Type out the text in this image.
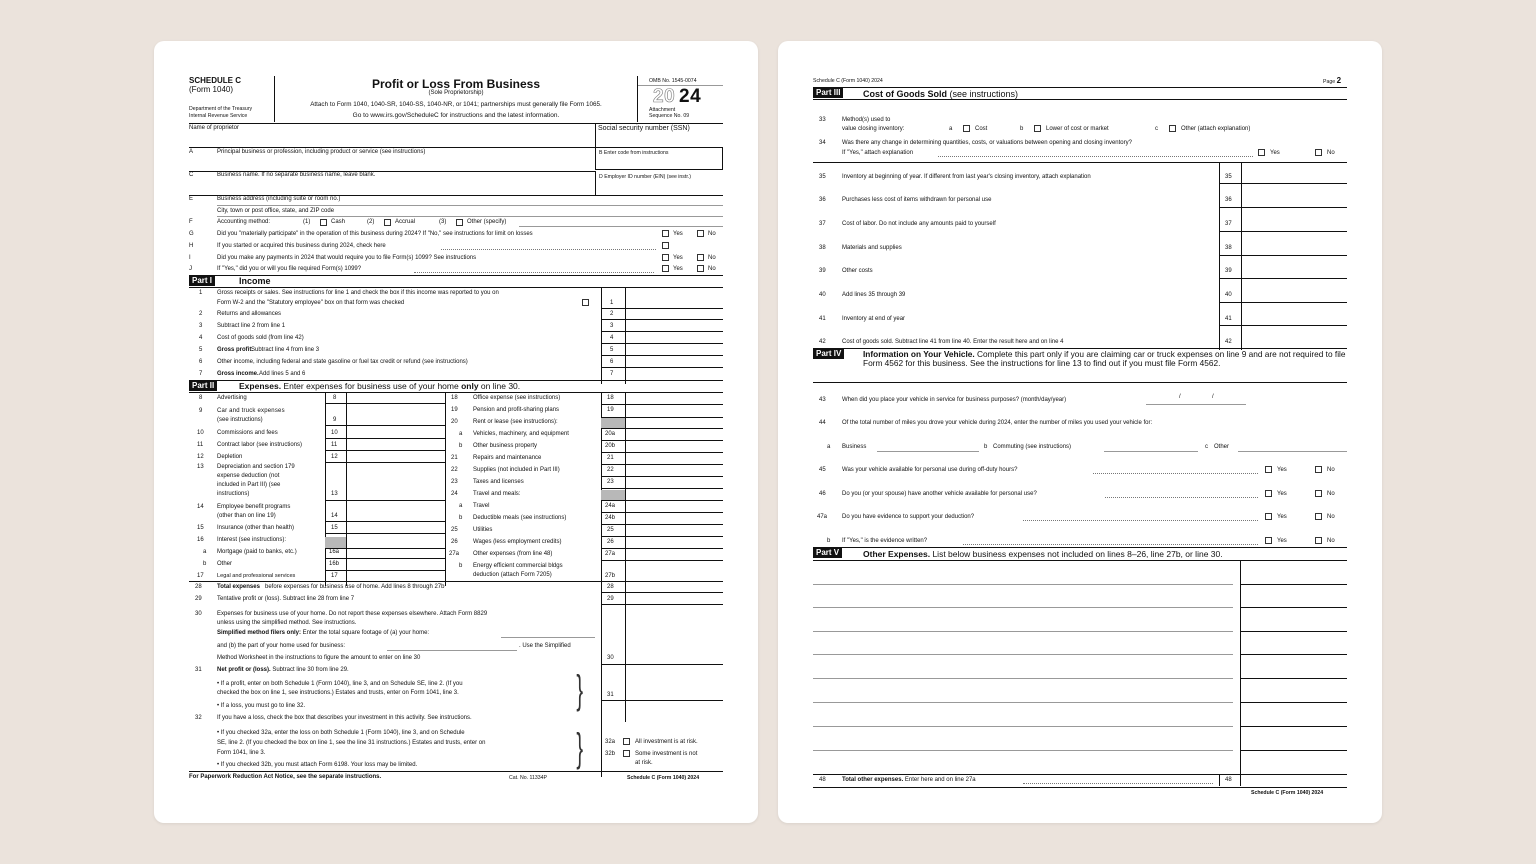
SCHEDULE C
(Form 1040)
Department of the Treasury
Internal Revenue Service
Profit or Loss From Business
(Sole Proprietorship)
Attach to Form 1040, 1040-SR, 1040-SS, 1040-NR, or 1041; partnerships must generally file Form 1065.
Go to www.irs.gov/ScheduleC for instructions and the latest information.
OMB No. 1545-0074
20 24
Attachment
Sequence No. 09
Name of proprietor	Social security number (SSN)
A	Principal business or profession, including product or service (see instructions)	B Enter code from instructions
C	Business name. If no separate business name, leave blank.	D Employer ID number (EIN) (see instr.)
E	Business address (including suite or room no.)
City, town or post office, state, and ZIP code
F	Accounting method:	(1)	Cash	(2)	Accrual	(3)	Other (specify)
G	Did you "materially participate" in the operation of this business during 2024? If "No," see instructions for limit on losses	Yes	No
H	If you started or acquired this business during 2024, check here
I	Did you make any payments in 2024 that would require you to file Form(s) 1099? See instructions	Yes	No
J	If "Yes," did you or will you file required Form(s) 1099?	Yes	No
Part I	Income
1 Gross receipts or sales. See instructions for line 1 and check the box if this income was reported to you on
Form W-2 and the "Statutory employee" box on that form was checked	1
2 Returns and allowances	2
3 Subtract line 2 from line 1	3
4 Cost of goods sold (from line 42)	4
5 Gross profit.
Subtract line 4 from line 3	5
6 Other income, including federal and state gasoline or fuel tax credit or refund (see instructions)	6
7 Gross income. Add lines 5 and 6	7
Part II	Expenses. Enter expenses for business use of your home only on line 30.
8 Advertising	8
9 Car and truck expenses
(see instructions)	9
10 Commissions and fees	10
11 Contract labor (see instructions)	11
12 Depletion	12
13 Depreciation and section 179
expense deduction (not
included in Part III) (see
instructions)	13
14 Employee benefit programs
(other than on line 19)	14
15 Insurance (other than health)	15
16 Interest (see instructions):
a Mortgage (paid to banks, etc.)	16a
b Other	16b
17 Legal and professional services	17
18	Office expense (see instructions)	18
19	Pension and profit-sharing plans	19
20	Rent or lease (see instructions):
a Vehicles, machinery, and equipment	20a
b Other business property	20b
21	Repairs and maintenance	21
22	Supplies (not included in Part III)	22
23	Taxes and licenses	23
24	Travel and meals:
a Travel	24a
b Deductible meals (see instructions)	24b
25	Utilities	25
26	Wages (less employment credits)	26
27a Other expenses (from line 48)	27a
b Energy efficient commercial bldgs
deduction (attach Form 7205)	27b
28	Total expenses before expenses for business use of home. Add lines 8 through 27b	28
29	Tentative profit or (loss). Subtract line 28 from line 7	29
30	Expenses for business use of your home. Do not report these expenses elsewhere. Attach Form 8829
unless using the simplified method. See instructions.
Simplified method filers only: Enter the total square footage of (a) your home:
and (b) the part of your home used for business:	. Use the Simplified
Method Worksheet in the instructions to figure the amount to enter on line 30	30
31	Net profit or (loss). Subtract line 30 from line 29.
• If a profit, enter on both Schedule 1 (Form 1040), line 3, and on Schedule SE, line 2. (If you
checked the box on line 1, see instructions.) Estates and trusts, enter on Form 1041, line 3.
• If a loss, you must go to line 32.	}	31
32	If you have a loss, check the box that describes your investment in this activity. See instructions.
• If you checked 32a, enter the loss on both Schedule 1 (Form 1040), line 3, and on Schedule
SE, line 2. (If you checked the box on line 1, see the line 31 instructions.) Estates and trusts, enter on
Form 1041, line 3.
• If you checked 32b, you must attach Form 6198. Your loss may be limited.	}	32a	All investment is at risk.
32b	Some investment is not
at risk.
For Paperwork Reduction Act Notice, see the separate instructions.	Cat. No. 11334P	Schedule C (Form 1040) 2024
Schedule C (Form 1040) 2024	Page 2
Part III	Cost of Goods Sold (see instructions)
33	Method(s) used to
value closing inventory:	a	Cost	b	Lower of cost or market	c	Other (attach explanation)
34	Was there any change in determining quantities, costs, or valuations between opening and closing inventory?
If "Yes," attach explanation	Yes	No
35	Inventory at beginning of year. If different from last year's closing inventory, attach explanation	35
36	Purchases less cost of items withdrawn for personal use	36
37	Cost of labor. Do not include any amounts paid to yourself	37
38	Materials and supplies	38
39	Other costs	39
40	Add lines 35 through 39	40
41	Inventory at end of year	41
42	Cost of goods sold. Subtract line 41 from line 40. Enter the result here and on line 4	42
Part IV	Information on Your Vehicle. Complete this part only if you are claiming car or truck expenses on line 9 and are not required to file Form 4562 for this business. See the instructions for line 13 to find out if you must file Form 4562.
43	When did you place your vehicle in service for business purposes? (month/day/year)	/	/
44	Of the total number of miles you drove your vehicle during 2024, enter the number of miles you used your vehicle for:
a Business	b Commuting (see instructions)	c Other
45	Was your vehicle available for personal use during off-duty hours?	Yes	No
46	Do you (or your spouse) have another vehicle available for personal use?	Yes	No
47a Do you have evidence to support your deduction?	Yes	No
b If "Yes," is the evidence written?	Yes	No
Part V	Other Expenses. List below business expenses not included on lines 8–26, line 27b, or line 30.
48	Total other expenses. Enter here and on line 27a	48
Schedule C (Form 1040) 2024
